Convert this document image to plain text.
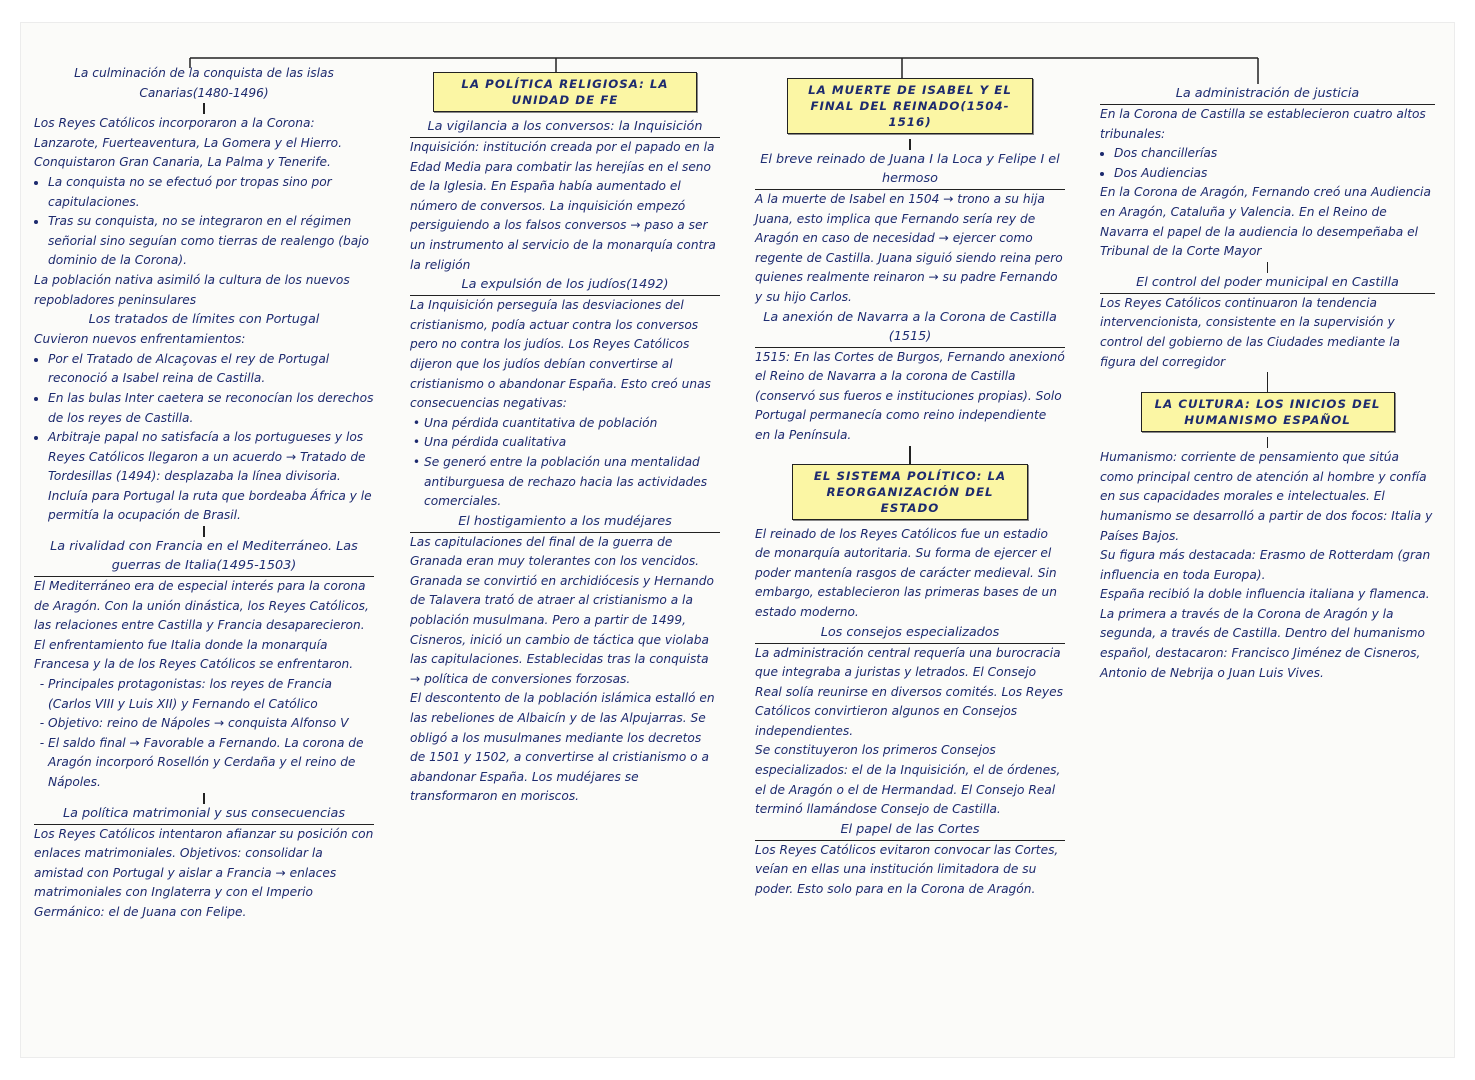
La culminación de la conquista de las islas Canarias(1480-1496)

Los Reyes Católicos incorporaron a la Corona: Lanzarote, Fuerteaventura, La Gomera y el Hierro. Conquistaron Gran Canaria, La Palma y Tenerife.

• La conquista no se efectuó por tropas sino por capitulaciones.
• Tras su conquista, no se integraron en el régimen señorial sino seguían como tierras de realengo (bajo dominio de la Corona).

La población nativa asimiló la cultura de los nuevos repobladores peninsulares

Los tratados de límites con Portugal

Cuvieron nuevos enfrentamientos:

• Por el Tratado de Alcaçovas el rey de Portugal reconoció a Isabel reina de Castilla.
• En las bulas Inter caetera se reconocían los derechos de los reyes de Castilla.
• Arbitraje papal no satisfacía a los portugueses y los Reyes Católicos llegaron a un acuerdo → Tratado de Tordesillas (1494): desplazaba la línea divisoria. Incluía para Portugal la ruta que bordeaba África y le permitía la ocupación de Brasil.

La rivalidad con Francia en el Mediterráneo. Las guerras de Italia(1495-1503)

El Mediterráneo era de especial interés para la corona de Aragón. Con la unión dinástica, los Reyes Católicos, las relaciones entre Castilla y Francia desaparecieron. El enfrentamiento fue Italia donde la monarquía Francesa y la de los Reyes Católicos se enfrentaron.

- Principales protagonistas: los reyes de Francia (Carlos VIII y Luis XII) y Fernando el Católico
- Objetivo: reino de Nápoles → conquista Alfonso V
- El saldo final → Favorable a Fernando. La corona de Aragón incorporó Rosellón y Cerdaña y el reino de Nápoles.

La política matrimonial y sus consecuencias

Los Reyes Católicos intentaron afianzar su posición con enlaces matrimoniales. Objetivos: consolidar la amistad con Portugal y aislar a Francia → enlaces matrimoniales con Inglaterra y con el Imperio Germánico: el de Juana con Felipe.

LA POLÍTICA RELIGIOSA: LA UNIDAD DE FE

La vigilancia a los conversos: la Inquisición

Inquisición: institución creada por el papado en la Edad Media para combatir las herejías en el seno de la Iglesia. En España había aumentado el número de conversos. La inquisición empezó persiguiendo a los falsos conversos → paso a ser un instrumento al servicio de la monarquía contra la religión

La expulsión de los judíos(1492)

La Inquisición perseguía las desviaciones del cristianismo, podía actuar contra los conversos pero no contra los judíos. Los Reyes Católicos dijeron que los judíos debían convertirse al cristianismo o abandonar España. Esto creó unas consecuencias negativas:

• Una pérdida cuantitativa de población
• Una pérdida cualitativa
• Se generó entre la población una mentalidad antiburguesa de rechazo hacia las actividades comerciales.

El hostigamiento a los mudéjares

Las capitulaciones del final de la guerra de Granada eran muy tolerantes con los vencidos. Granada se convirtió en archidiócesis y Hernando de Talavera trató de atraer al cristianismo a la población musulmana. Pero a partir de 1499, Cisneros, inició un cambio de táctica que violaba las capitulaciones. Establecidas tras la conquista → política de conversiones forzosas.

El descontento de la población islámica estalló en las rebeliones de Albaicín y de las Alpujarras. Se obligó a los musulmanes mediante los decretos de 1501 y 1502, a convertirse al cristianismo o a abandonar España. Los mudéjares se transformaron en moriscos.

LA MUERTE DE ISABEL Y EL FINAL DEL REINADO(1504-1516)

El breve reinado de Juana I la Loca y Felipe I el hermoso

A la muerte de Isabel en 1504 → trono a su hija Juana, esto implica que Fernando sería rey de Aragón en caso de necesidad → ejercer como regente de Castilla. Juana siguió siendo reina pero quienes realmente reinaron → su padre Fernando y su hijo Carlos.

La anexión de Navarra a la Corona de Castilla (1515)

1515: En las Cortes de Burgos, Fernando anexionó el Reino de Navarra a la corona de Castilla (conservó sus fueros e instituciones propias). Solo Portugal permanecía como reino independiente en la Península.

EL SISTEMA POLÍTICO: LA REORGANIZACIÓN DEL ESTADO

El reinado de los Reyes Católicos fue un estadio de monarquía autoritaria. Su forma de ejercer el poder mantenía rasgos de carácter medieval. Sin embargo, establecieron las primeras bases de un estado moderno.

Los consejos especializados

La administración central requería una burocracia que integraba a juristas y letrados. El Consejo Real solía reunirse en diversos comités. Los Reyes Católicos convirtieron algunos en Consejos independientes.

Se constituyeron los primeros Consejos especializados: el de la Inquisición, el de órdenes, el de Aragón o el de Hermandad. El Consejo Real terminó llamándose Consejo de Castilla.

El papel de las Cortes

Los Reyes Católicos evitaron convocar las Cortes, veían en ellas una institución limitadora de su poder. Esto solo para en la Corona de Aragón.

La administración de justicia

En la Corona de Castilla se establecieron cuatro altos tribunales:

• Dos chancillerías
• Dos Audiencias

En la Corona de Aragón, Fernando creó una Audiencia en Aragón, Cataluña y Valencia. En el Reino de Navarra el papel de la audiencia lo desempeñaba el Tribunal de la Corte Mayor

El control del poder municipal en Castilla

Los Reyes Católicos continuaron la tendencia intervencionista, consistente en la supervisión y control del gobierno de las Ciudades mediante la figura del corregidor

LA CULTURA: LOS INICIOS DEL HUMANISMO ESPAÑOL

Humanismo: corriente de pensamiento que sitúa como principal centro de atención al hombre y confía en sus capacidades morales e intelectuales. El humanismo se desarrolló a partir de dos focos: Italia y Países Bajos.

Su figura más destacada: Erasmo de Rotterdam (gran influencia en toda Europa).

España recibió la doble influencia italiana y flamenca. La primera a través de la Corona de Aragón y la segunda, a través de Castilla. Dentro del humanismo español, destacaron: Francisco Jiménez de Cisneros, Antonio de Nebrija o Juan Luis Vives.
